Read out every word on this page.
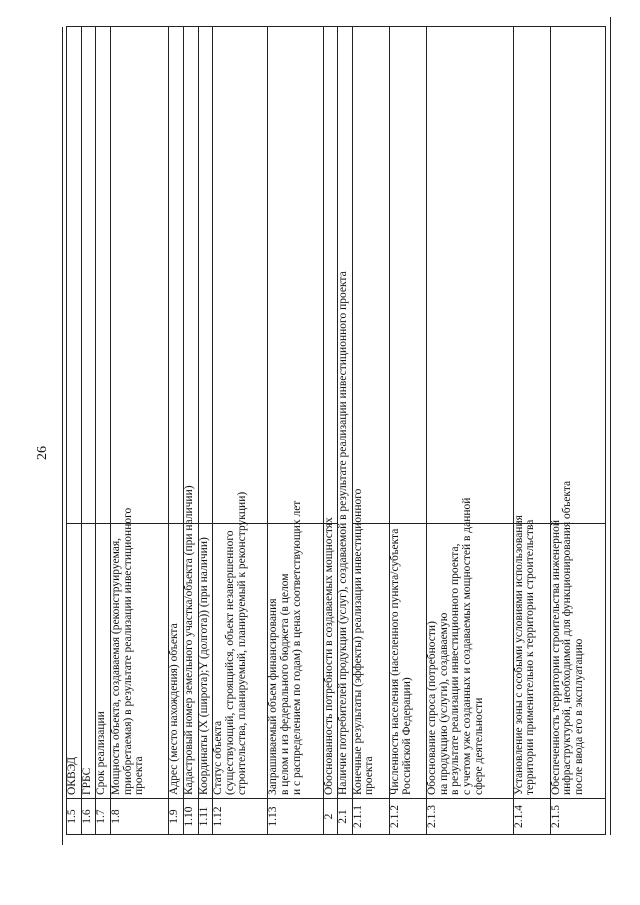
26
1.5	ОКВЭД	

1.6	ГРБС	

1.7	Срок реализации	

1.8	Мощность объекта, создаваемая (реконструируемая, приобретаемая) в результате реализации инвестиционного проекта	

1.9	Адрес (место нахождения) объекта	

1.10	Кадастровый номер земельного участка/объекта (при наличии)	

1.11	Координаты (X (широта);Y (долгота)) (при наличии)	

1.12	Статус объекта (существующий, строящийся, объект незавершенного строительства, планируемый, планируемый к реконструкции)	

1.13	Запрашиваемый объем финансирования в целом и из федерального бюджета (в целом и с распределением по годам) в ценах соответствующих лет	

2	Обоснованность потребности в создаваемых мощностях	

2.1	Наличие потребителей продукции (услуг), создаваемой в результате реализации инвестиционного проекта	

2.1.1	Конечные результаты (эффекты) реализации инвестиционного проекта	

2.1.2	Численность населения (населенного пункта/субъекта Российской Федерации)	

2.1.3	Обоснование спроса (потребности) на продукцию (услуги), создаваемую в результате реализации инвестиционного проекта, с учетом уже созданных и создаваемых мощностей в данной сфере деятельности	

2.1.4	Установление зоны с особыми условиями использования территории применительно к территории строительства	

2.1.5	Обеспеченность территории строительства инженерной инфраструктурой, необходимой для функционирования объекта после ввода его в эксплуатацию	
